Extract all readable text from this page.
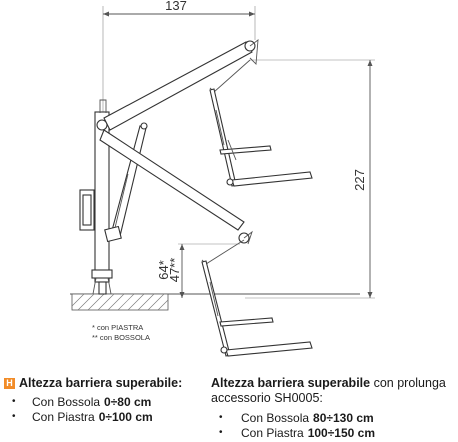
137
227
64*
47**
* con PIASTRA
** con BOSSOLA
H Altezza barriera superabile:
•	Con Bossola 0÷80 cm
•	Con Piastra 0÷100 cm
Altezza barriera superabile con prolunga
accessorio SH0005:
•	Con Bossola 80÷130 cm
•	Con Piastra 100÷150 cm
